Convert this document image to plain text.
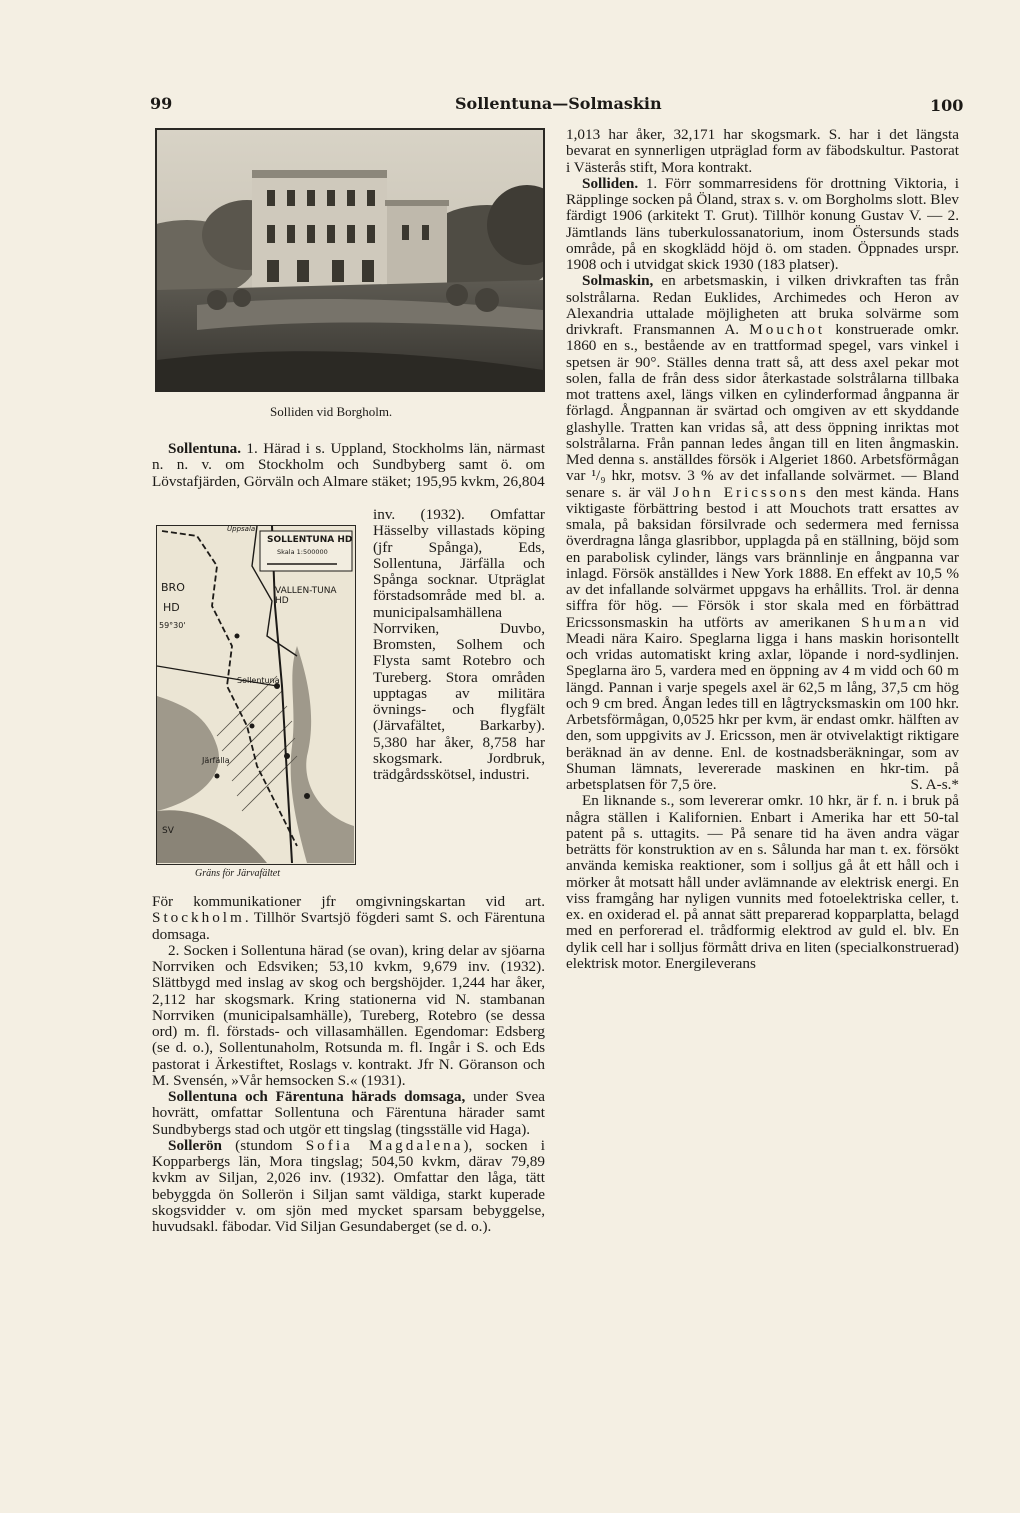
99	Sollentuna—Solmaskin	100
Solliden vid Borgholm.

Sollentuna. 1. Härad i s. Uppland, Stockholms län, närmast n. n. v. om Stockholm och Sundbyberg samt ö. om Lövstafjärden, Görväln och Almare stäket; 195,95 kvkm, 26,804

SOLLENTUNA HD
Skala 1:500000
Uppsala
BRO
HD
59°30'
VALLEN-TUNA HD
Sollentuna
Järfälla
SV
Gräns för Järvafältet

inv. (1932). Omfattar Hässelby villastads köping (jfr Spånga), Eds, Sollentuna, Järfälla och Spånga socknar. Utpräglat förstadsområde med bl. a. municipalsamhällena Norrviken, Duvbo, Bromsten, Solhem och Flysta samt Rotebro och Tureberg. Stora områden upptagas av militära övnings- och flygfält (Järvafältet, Barkarby). 5,380 har åker, 8,758 har skogsmark. Jordbruk, trädgårdsskötsel, industri.

För kommunikationer jfr omgivningskartan vid art. Stockholm. Tillhör Svartsjö fögderi samt S. och Färentuna domsaga.

2. Socken i Sollentuna härad (se ovan), kring delar av sjöarna Norrviken och Edsviken; 53,10 kvkm, 9,679 inv. (1932). Slättbygd med inslag av skog och bergshöjder. 1,244 har åker, 2,112 har skogsmark. Kring stationerna vid N. stambanan Norrviken (municipalsamhälle), Tureberg, Rotebro (se dessa ord) m. fl. förstads- och villasamhällen. Egendomar: Edsberg (se d. o.), Sollentunaholm, Rotsunda m. fl. Ingår i S. och Eds pastorat i Ärkestiftet, Roslags v. kontrakt. Jfr N. Göranson och M. Svensén, »Vår hemsocken S.« (1931).

Sollentuna och Färentuna härads domsaga, under Svea hovrätt, omfattar Sollentuna och Färentuna härader samt Sundbybergs stad och utgör ett tingslag (tingsställe vid Haga).

Sollerön (stundom Sofia Magdalena), socken i Kopparbergs län, Mora tingslag; 504,50 kvkm, därav 79,89 kvkm av Siljan, 2,026 inv. (1932). Omfattar den låga, tätt bebyggda ön Sollerön i Siljan samt väldiga, starkt kuperade skogsvidder v. om sjön med mycket sparsam bebyggelse, huvudsakl. fäbodar. Vid Siljan Gesundaberget (se d. o.).

1,013 har åker, 32,171 har skogsmark. S. har i det längsta bevarat en synnerligen utpräglad form av fäbodskultur. Pastorat i Västerås stift, Mora kontrakt.

Solliden. 1. Förr sommarresidens för drottning Viktoria, i Räpplinge socken på Öland, strax s. v. om Borgholms slott. Blev färdigt 1906 (arkitekt T. Grut). Tillhör konung Gustav V. — 2. Jämtlands läns tuberkulossanatorium, inom Östersunds stads område, på en skogklädd höjd ö. om staden. Öppnades urspr. 1908 och i utvidgat skick 1930 (183 platser).

Solmaskin, en arbetsmaskin, i vilken drivkraften tas från solstrålarna. Redan Euklides, Archimedes och Heron av Alexandria uttalade möjligheten att bruka solvärme som drivkraft. Fransmannen A. Mouchot konstruerade omkr. 1860 en s., bestående av en trattformad spegel, vars vinkel i spetsen är 90°. Ställes denna tratt så, att dess axel pekar mot solen, falla de från dess sidor återkastade solstrålarna tillbaka mot trattens axel, längs vilken en cylinderformad ångpanna är förlagd. Ångpannan är svärtad och omgiven av ett skyddande glashylle. Tratten kan vridas så, att dess öppning inriktas mot solstrålarna. Från pannan ledes ångan till en liten ångmaskin. Med denna s. anställdes försök i Algeriet 1860. Arbetsförmågan var ¹/₉ hkr, motsv. 3 % av det infallande solvärmet. — Bland senare s. är väl John Ericssons den mest kända. Hans viktigaste förbättring bestod i att Mouchots tratt ersattes av smala, på baksidan försilvrade och sedermera med fernissa överdragna långa glasribbor, upplagda på en ställning, böjd som en parabolisk cylinder, längs vars brännlinje en ångpanna var inlagd. Försök anställdes i New York 1888. En effekt av 10,5 % av det infallande solvärmet uppgavs ha erhållits. Trol. är denna siffra för hög. — Försök i stor skala med en förbättrad Ericssonsmaskin ha utförts av amerikanen Shuman vid Meadi nära Kairo. Speglarna ligga i hans maskin horisontellt och vridas automatiskt kring axlar, löpande i nord-sydlinjen. Speglarna äro 5, vardera med en öppning av 4 m vidd och 60 m längd. Pannan i varje spegels axel är 62,5 m lång, 37,5 cm hög och 9 cm bred. Ångan ledes till en lågtrycksmaskin om 100 hkr. Arbetsförmågan, 0,0525 hkr per kvm, är endast omkr. hälften av den, som uppgivits av J. Ericsson, men är otvivelaktigt riktigare beräknad än av denne. Enl. de kostnadsberäkningar, som av Shuman lämnats, levererade maskinen en hkr-tim. på arbetsplatsen för 7,5 öre.	S. A-s.*

En liknande s., som levererar omkr. 10 hkr, är f. n. i bruk på några ställen i Kalifornien. Enbart i Amerika har ett 50-tal patent på s. uttagits. — På senare tid ha även andra vägar beträtts för konstruktion av en s. Sålunda har man t. ex. försökt använda kemiska reaktioner, som i solljus gå åt ett håll och i mörker åt motsatt håll under avlämnande av elektrisk energi. En viss framgång har nyligen vunnits med fotoelektriska celler, t. ex. en oxiderad el. på annat sätt preparerad kopparplatta, belagd med en perforerad el. trådformig elektrod av guld el. blv. En dylik cell har i solljus förmått driva en liten (specialkonstruerad) elektrisk motor. Energileverans
